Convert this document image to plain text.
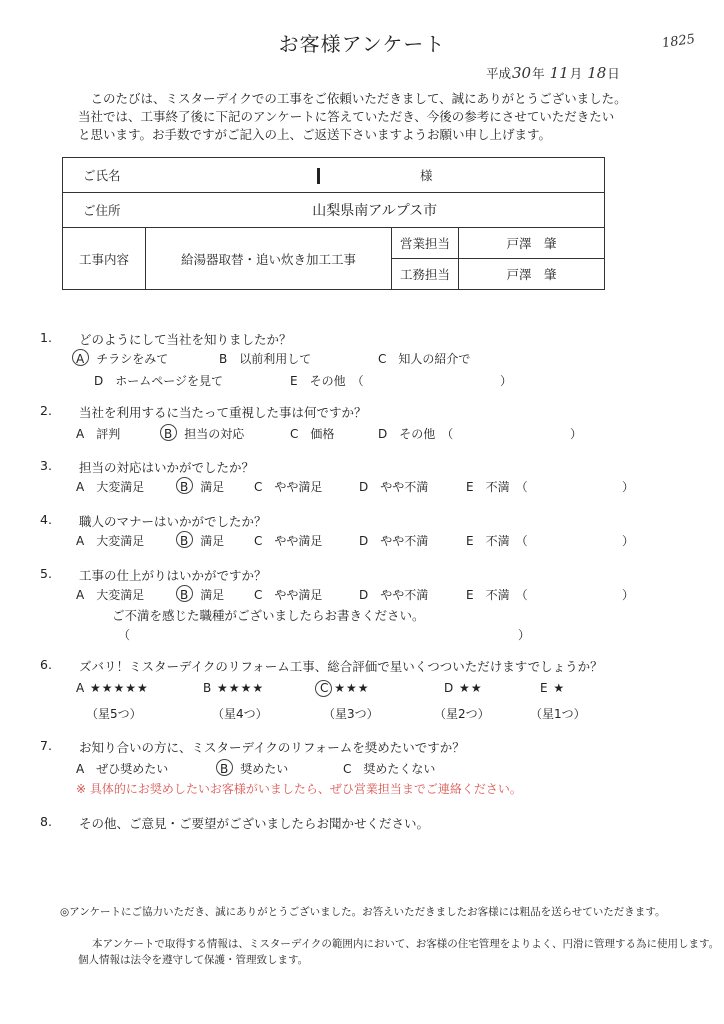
お客様アンケート	1825
平成30年 11月 18日

このたびは、ミスターデイクでの工事をご依頼いただきまして、誠にありがとうございました。

当社では、工事終了後に下記のアンケートに答えていただき、今後の参考にさせていただきたい

と思います。お手数ですがご記入の上、ご返送下さいますようお願い申し上げます。

ご氏名	様		
ご住所	山梨県南アルプス市		
工事内容	給湯器取替・追い炊き加工工事	営業担当	戸澤　肇
		工務担当	戸澤　肇
1. どのようにして当社を知りましたか？
A　チラシをみて	B　以前利用して	C　知人の紹介で
D　ホームページを見て	E　その他　（	）
2. 当社を利用するに当たって重視した事は何ですか？
A　評判	B　担当の対応	C　価格	D　その他　（	）
3. 担当の対応はいかがでしたか？
A　大変満足	B　満足 C　やや満足	D　やや不満	E　不満　（	）
4. 職人のマナーはいかがでしたか？
A　大変満足	B　満足 C　やや満足	D　やや不満	E　不満　（	）
5. 工事の仕上がりはいかがですか？
A　大変満足	B　満足 C　やや満足	D　やや不満	E　不満　（	）
ご不満を感じた職種がございましたらお書きください。
（	）
6. ズバリ！ミスターデイクのリフォーム工事、総合評価で星いくつついただけますでしょうか？
A ★★★★★	B ★★★★	C ★★★	D ★★	E ★
（星5つ）	（星4つ）	（星3つ）	（星2つ）	（星1つ）
7. お知り合いの方に、ミスターデイクのリフォームを奨めたいですか？
A　ぜひ奨めたい	B　奨めたい	C　奨めたくない
※ 具体的にお奨めしたいお客様がいましたら、ぜひ営業担当までご連絡ください。
8. その他、ご意見・ご要望がございましたらお聞かせください。
◎アンケートにご協力いただき、誠にありがとうございました。お答えいただきましたお客様には粗品を送らせていただきます。
本アンケートで取得する情報は、ミスターデイクの範囲内において、お客様の住宅管理をよりよく、円滑に管理する為に使用します。
個人情報は法令を遵守して保護・管理致します。
